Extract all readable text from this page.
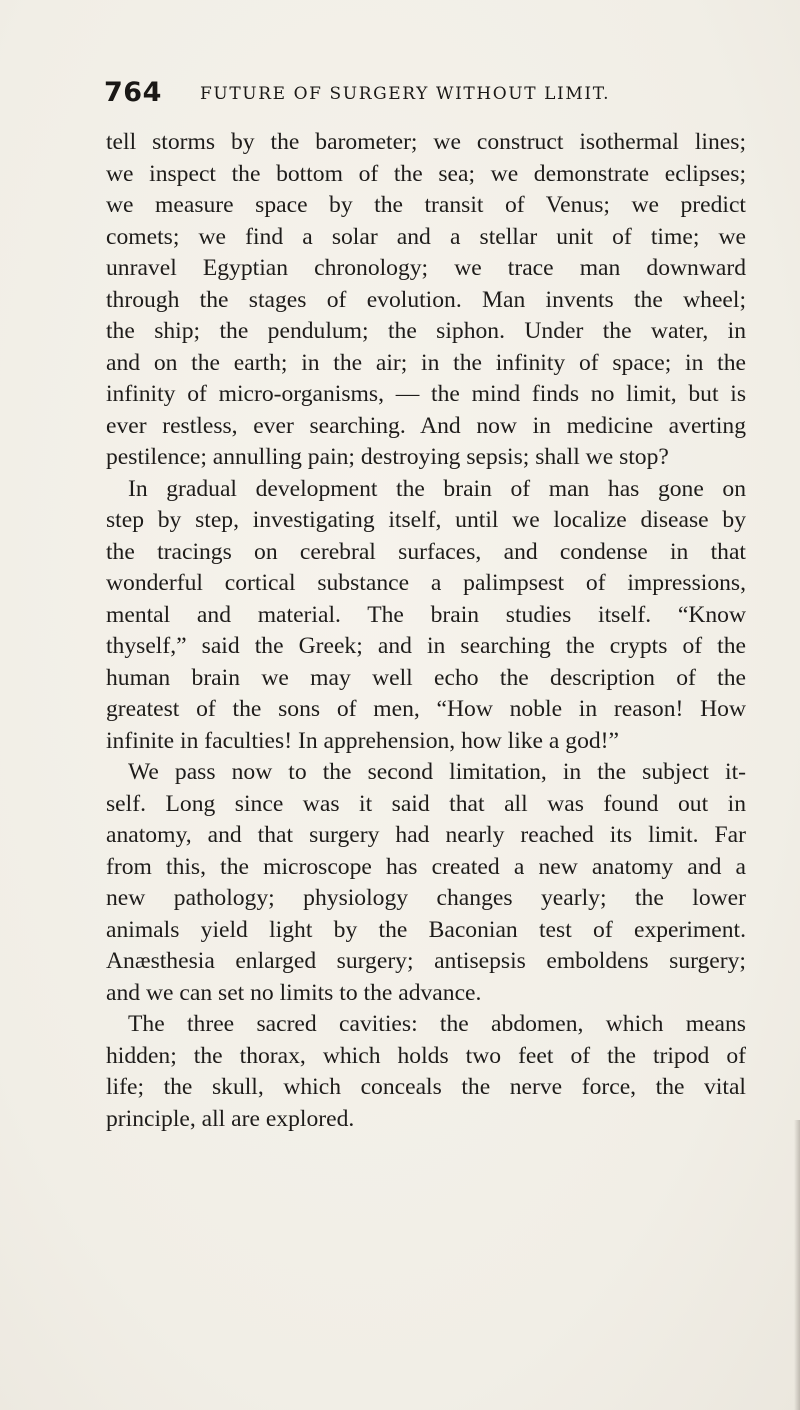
764 FUTURE OF SURGERY WITHOUT LIMIT.
tell storms by the barometer; we construct isothermal lines;
we inspect the bottom of the sea; we demonstrate eclipses;
we measure space by the transit of Venus; we predict
comets; we find a solar and a stellar unit of time; we
unravel Egyptian chronology; we trace man downward
through the stages of evolution. Man invents the wheel;
the ship; the pendulum; the siphon. Under the water, in
and on the earth; in the air; in the infinity of space; in the
infinity of micro-organisms, — the mind finds no limit, but is
ever restless, ever searching. And now in medicine averting
pestilence; annulling pain; destroying sepsis; shall we stop?
In gradual development the brain of man has gone on
step by step, investigating itself, until we localize disease by
the tracings on cerebral surfaces, and condense in that
wonderful cortical substance a palimpsest of impressions,
mental and material. The brain studies itself. “Know
thyself,” said the Greek; and in searching the crypts of the
human brain we may well echo the description of the
greatest of the sons of men, “How noble in reason! How
infinite in faculties! In apprehension, how like a god!”
We pass now to the second limitation, in the subject it-
self. Long since was it said that all was found out in
anatomy, and that surgery had nearly reached its limit. Far
from this, the microscope has created a new anatomy and a
new pathology; physiology changes yearly; the lower
animals yield light by the Baconian test of experiment.
Anæsthesia enlarged surgery; antisepsis emboldens surgery;
and we can set no limits to the advance.
The three sacred cavities: the abdomen, which means
hidden; the thorax, which holds two feet of the tripod of
life; the skull, which conceals the nerve force, the vital
principle, all are explored.
